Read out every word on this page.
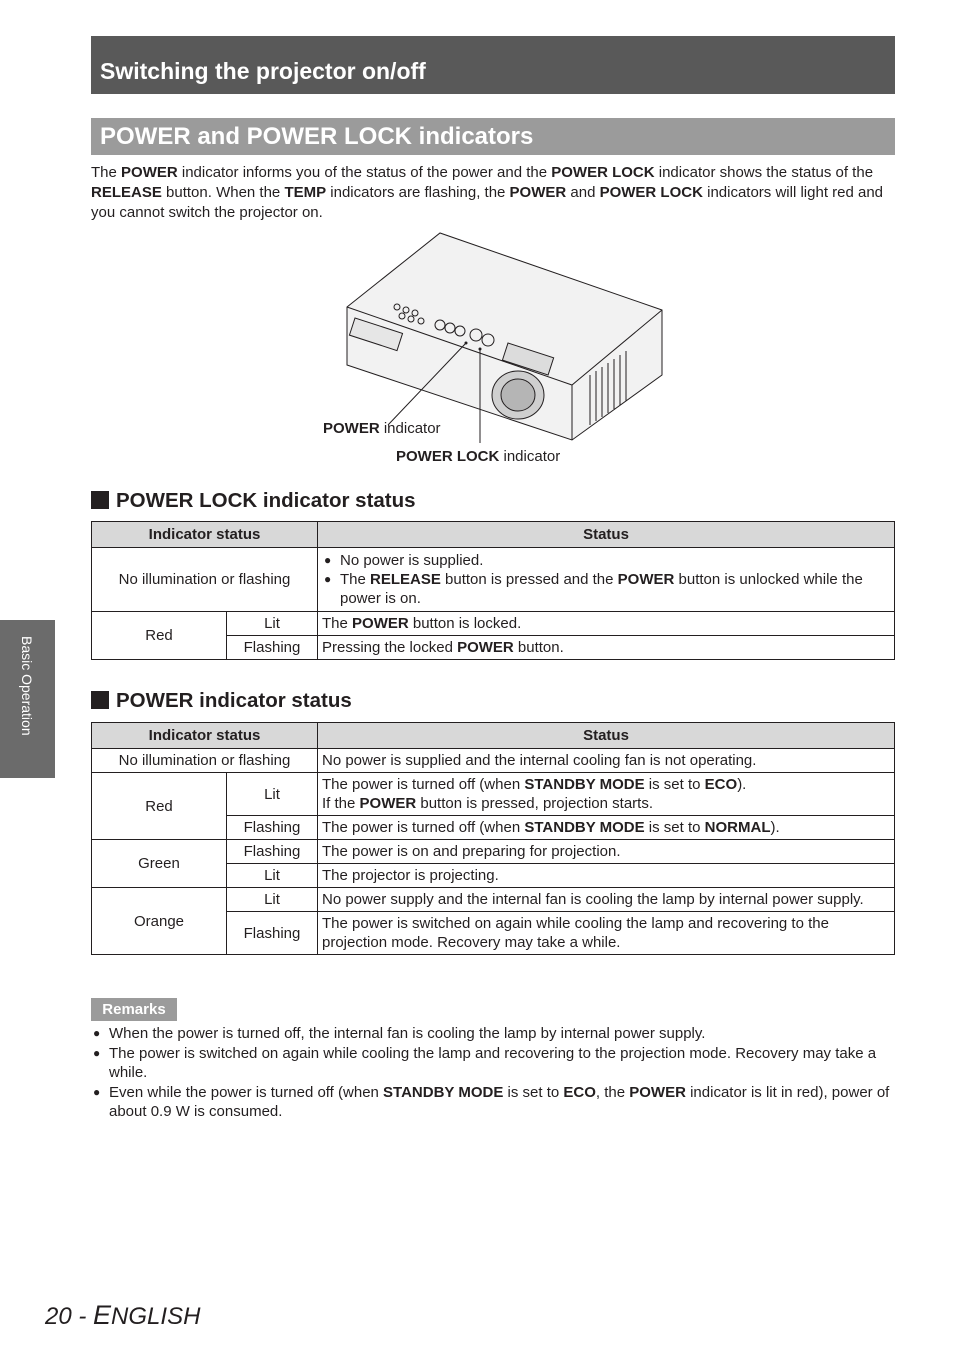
Switching the projector on/off
POWER and POWER LOCK indicators
The POWER indicator informs you of the status of the power and the POWER LOCK indicator shows the status of the RELEASE button. When the TEMP indicators are flashing, the POWER and POWER LOCK indicators will light red and you cannot switch the projector on.
POWER indicator
POWER LOCK indicator
POWER LOCK indicator status
Indicator status		Status
No illumination or flashing		● No power is supplied.
● The RELEASE button is pressed and the POWER button is unlocked while the power is on.

Red	Lit	The POWER button is locked.
	Flashing	Pressing the locked POWER button.
POWER indicator status
Indicator status		Status
No illumination or flashing		No power is supplied and the internal cooling fan is not operating.
Red	Lit	The power is turned off (when STANDBY MODE is set to ECO).
If the POWER button is pressed, projection starts.
	Flashing	The power is turned off (when STANDBY MODE is set to NORMAL).
Green	Flashing	The power is on and preparing for projection.
	Lit	The projector is projecting.
Orange	Lit	No power supply and the internal fan is cooling the lamp by internal power supply.
	Flashing	The power is switched on again while cooling the lamp and recovering to the projection mode. Recovery may take a while.
Remarks
● When the power is turned off, the internal fan is cooling the lamp by internal power supply.
● The power is switched on again while cooling the lamp and recovering to the projection mode. Recovery may take a while.
● Even while the power is turned off (when STANDBY MODE is set to ECO, the POWER indicator is lit in red), power of about 0.9 W is consumed.
Basic Operation
20 - ENGLISH
